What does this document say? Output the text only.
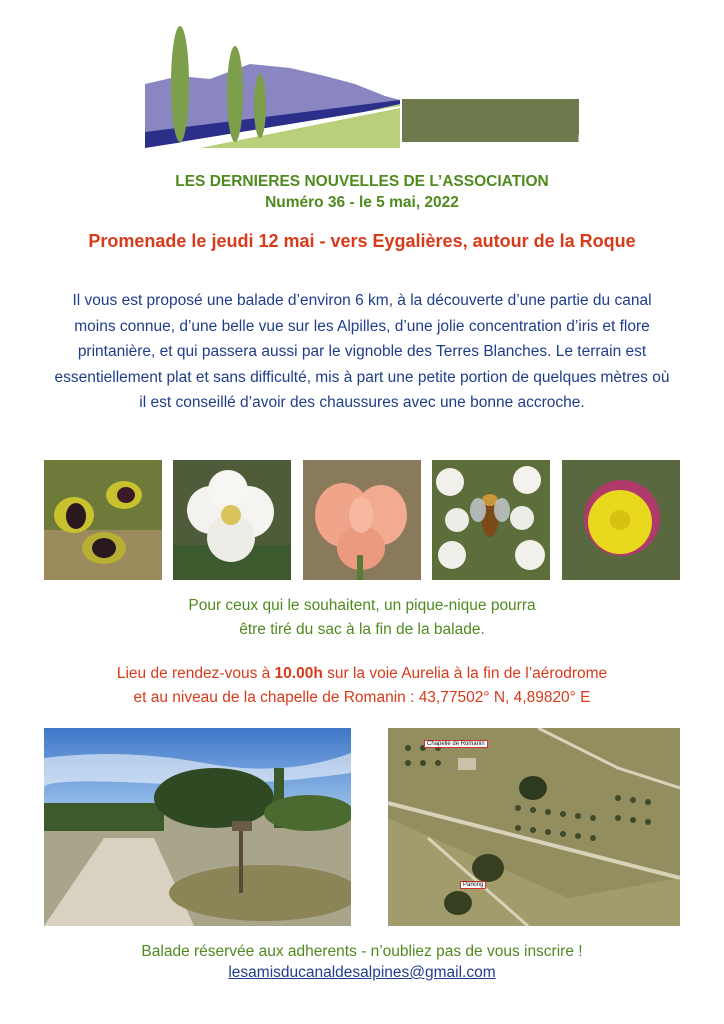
LACA
LES DERNIERES NOUVELLES DE L’ASSOCIATION
Numéro 36 - le 5 mai, 2022
Promenade le jeudi 12 mai - vers Eygalières, autour de la Roque
Il vous est proposé une balade d’environ 6 km, à la découverte d’une partie du canal moins connue, d’une belle vue sur les Alpilles, d’une jolie concentration d’iris et flore printanière, et qui passera aussi par le vignoble des Terres Blanches. Le terrain est essentiellement plat et sans difficulté, mis à part une petite portion de quelques mètres où il est conseillé d’avoir des chaussures avec une bonne accroche.
Pour ceux qui le souhaitent, un pique-nique pourra
être tiré du sac à la fin de la balade.
Lieu de rendez-vous à 10.00h sur la voie Aurelia à la fin de l’aérodrome
et au niveau de la chapelle de Romanin : 43,77502° N, 4,89820° E
Chapelle de Romanin
Parking
Balade réservée aux adherents - n’oubliez pas de vous inscrire !
lesamisducanaldesalpines@gmail.com
